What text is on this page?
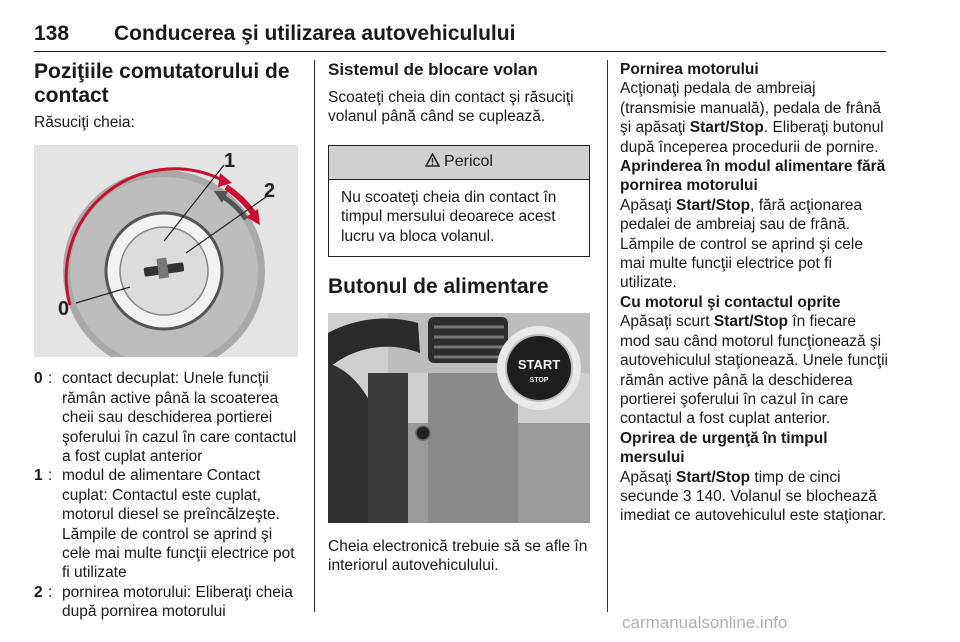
138 Conducerea şi utilizarea autovehiculului
Poziţiile comutatorului de contact
Răsuciţi cheia:
1
2
0
0 : contact decuplat: Unele funcţii rămân active până la scoaterea cheii sau deschiderea portierei şoferului în cazul în care contactul a fost cuplat anterior
1 : modul de alimentare Contact cuplat: Contactul este cuplat, motorul diesel se preîncălzeşte. Lămpile de control se aprind şi cele mai multe funcţii electrice pot fi utilizate
2 : pornirea motorului: Eliberaţi cheia după pornirea motorului
Sistemul de blocare volan
Scoateţi cheia din contact şi răsuciţi volanul până când se cuplează.
Pericol
Nu scoateţi cheia din contact în timpul mersului deoarece acest lucru va bloca volanul.
Butonul de alimentare
START
STOP
Cheia electronică trebuie să se afle în interiorul autovehiculului.
Pornirea motorului
Acţionaţi pedala de ambreiaj (transmisie manuală), pedala de frână şi apăsaţi Start/Stop. Eliberaţi butonul după începerea procedurii de pornire.
Aprinderea în modul alimentare fără pornirea motorului
Apăsaţi Start/Stop, fără acţionarea pedalei de ambreiaj sau de frână. Lămpile de control se aprind şi cele mai multe funcţii electrice pot fi utilizate.
Cu motorul şi contactul oprite
Apăsaţi scurt Start/Stop în fiecare mod sau când motorul funcţionează şi autovehiculul staţionează. Unele funcţii rămân active până la deschiderea portierei şoferului în cazul în care contactul a fost cuplat anterior.
Oprirea de urgenţă în timpul mersului
Apăsaţi Start/Stop timp de cinci secunde 3 140. Volanul se blochează imediat ce autovehiculul este staţionar.
carmanualsonline.info
